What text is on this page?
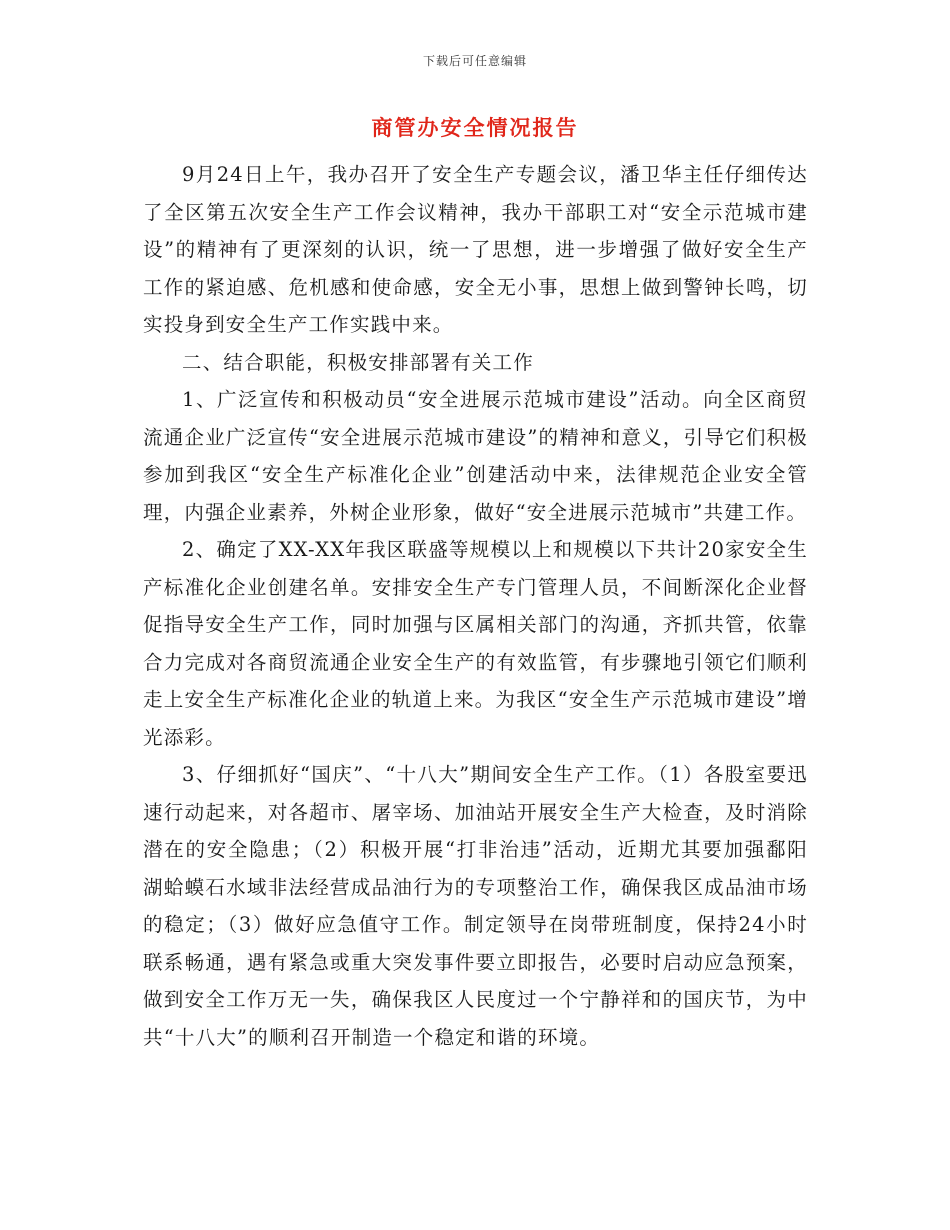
下载后可任意编辑
商管办安全情况报告

9月24日上午，我办召开了安全生产专题会议，潘卫华主任仔细传达了全区第五次安全生产工作会议精神，我办干部职工对“安全示范城市建设”的精神有了更深刻的认识，统一了思想，进一步增强了做好安全生产工作的紧迫感、危机感和使命感，安全无小事，思想上做到警钟长鸣，切实投身到安全生产工作实践中来。

二、结合职能，积极安排部署有关工作

1、广泛宣传和积极动员“安全进展示范城市建设”活动。向全区商贸流通企业广泛宣传“安全进展示范城市建设”的精神和意义，引导它们积极参加到我区“安全生产标准化企业”创建活动中来，法律规范企业安全管理，内强企业素养，外树企业形象，做好“安全进展示范城市”共建工作。

2、确定了XX-XX年我区联盛等规模以上和规模以下共计20家安全生产标准化企业创建名单。安排安全生产专门管理人员，不间断深化企业督促指导安全生产工作，同时加强与区属相关部门的沟通，齐抓共管，依靠合力完成对各商贸流通企业安全生产的有效监管，有步骤地引领它们顺利走上安全生产标准化企业的轨道上来。为我区“安全生产示范城市建设”增光添彩。

3、仔细抓好“国庆”、“十八大”期间安全生产工作。（1）各股室要迅速行动起来，对各超市、屠宰场、加油站开展安全生产大检查，及时消除潜在的安全隐患；（2）积极开展“打非治违”活动，近期尤其要加强鄱阳湖蛤蟆石水域非法经营成品油行为的专项整治工作，确保我区成品油市场的稳定；（3）做好应急值守工作。制定领导在岗带班制度，保持24小时联系畅通，遇有紧急或重大突发事件要立即报告，必要时启动应急预案，做到安全工作万无一失，确保我区人民度过一个宁静祥和的国庆节，为中共“十八大”的顺利召开制造一个稳定和谐的环境。
